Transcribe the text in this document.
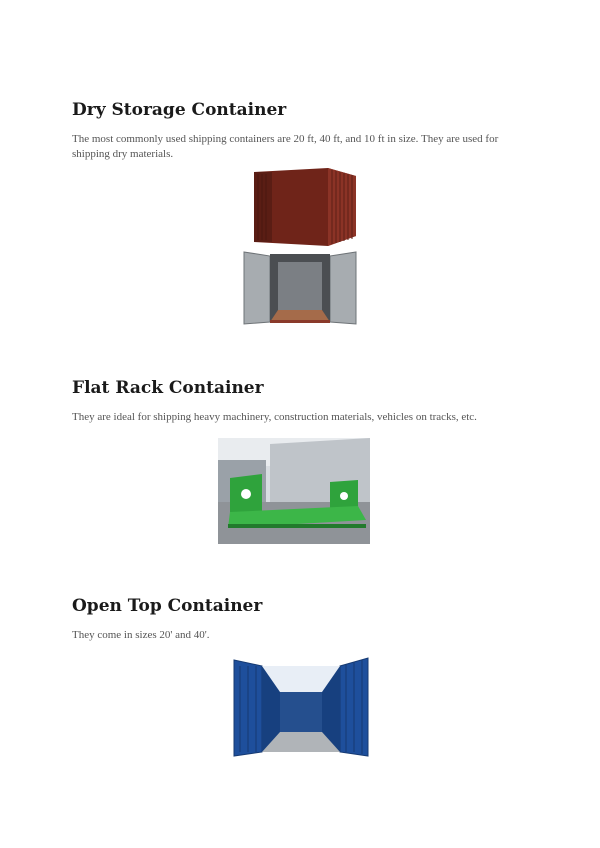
Dry Storage Container

The most commonly used shipping containers are 20 ft, 40 ft, and 10 ft in size. They are used for shipping dry materials.

Flat Rack Container

They are ideal for shipping heavy machinery, construction materials, vehicles on tracks, etc.

Open Top Container

They come in sizes 20' and 40'.
